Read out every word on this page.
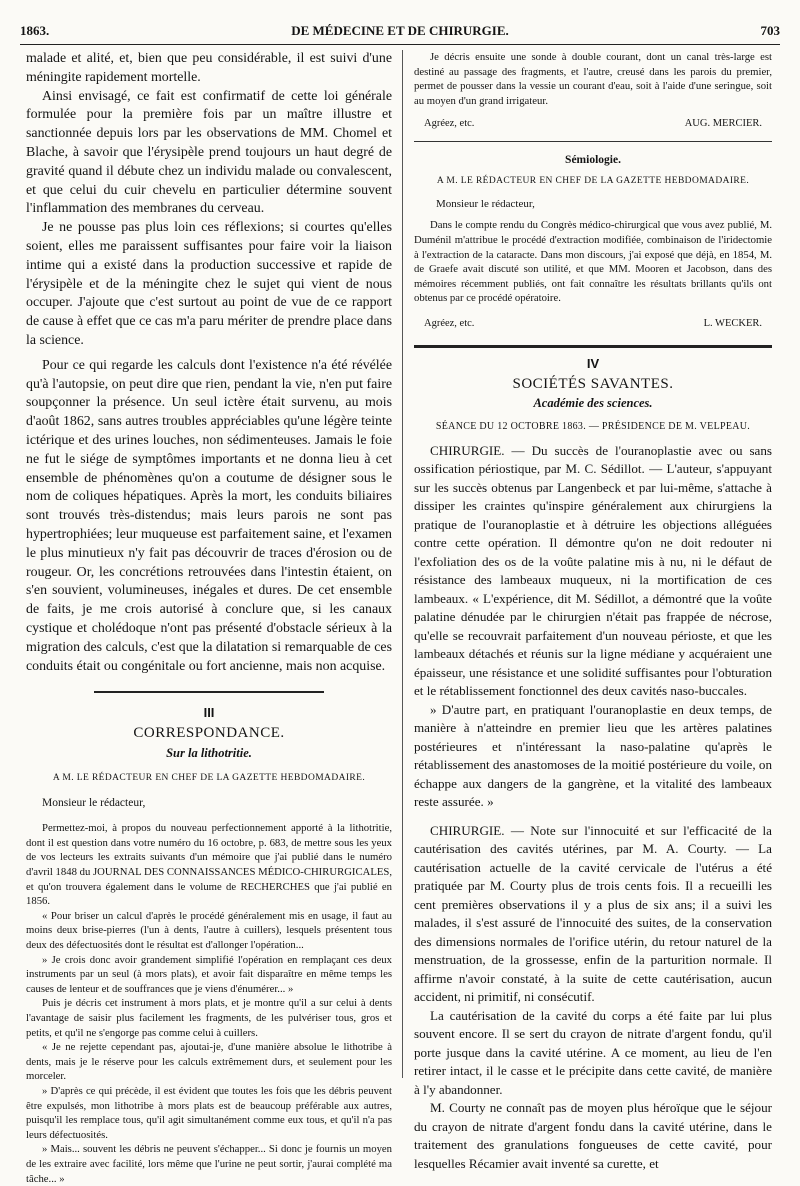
1863.	DE MÉDECINE ET DE CHIRURGIE.	703

malade et alité, et, bien que peu considérable, il est suivi d'une méningite rapidement mortelle.

Ainsi envisagé, ce fait est confirmatif de cette loi générale formulée pour la première fois par un maître illustre et sanctionnée depuis lors par les observations de MM. Chomel et Blache, à savoir que l'érysipèle prend toujours un haut degré de gravité quand il débute chez un individu malade ou convalescent, et que celui du cuir chevelu en particulier détermine souvent l'inflammation des membranes du cerveau.

Je ne pousse pas plus loin ces réflexions; si courtes qu'elles soient, elles me paraissent suffisantes pour faire voir la liaison intime qui a existé dans la production successive et rapide de l'érysipèle et de la méningite chez le sujet qui vient de nous occuper. J'ajoute que c'est surtout au point de vue de ce rapport de cause à effet que ce cas m'a paru mériter de prendre place dans la science.

Pour ce qui regarde les calculs dont l'existence n'a été révélée qu'à l'autopsie, on peut dire que rien, pendant la vie, n'en put faire soupçonner la présence. Un seul ictère était survenu, au mois d'août 1862, sans autres troubles appréciables qu'une légère teinte ictérique et des urines louches, non sédimenteuses. Jamais le foie ne fut le siége de symptômes importants et ne donna lieu à cet ensemble de phénomènes qu'on a coutume de désigner sous le nom de coliques hépatiques. Après la mort, les conduits biliaires sont trouvés très-distendus; mais leurs parois ne sont pas hypertrophiées; leur muqueuse est parfaitement saine, et l'examen le plus minutieux n'y fait pas découvrir de traces d'érosion ou de rougeur. Or, les concrétions retrouvées dans l'intestin étaient, on s'en souvient, volumineuses, inégales et dures. De cet ensemble de faits, je me crois autorisé à conclure que, si les canaux cystique et cholédoque n'ont pas présenté d'obstacle sérieux à la migration des calculs, c'est que la dilatation si remarquable de ces conduits était ou congénitale ou fort ancienne, mais non acquise.

III
CORRESPONDANCE.
Sur la lithotritie.
A M. LE RÉDACTEUR EN CHEF DE LA GAZETTE HEBDOMADAIRE.
Monsieur le rédacteur,

Permettez-moi, à propos du nouveau perfectionnement apporté à la lithotritie, dont il est question dans votre numéro du 16 octobre, p. 683, de mettre sous les yeux de vos lecteurs les extraits suivants d'un mémoire que j'ai publié dans le numéro d'avril 1848 du JOURNAL DES CONNAISSANCES MÉDICO-CHIRURGICALES, et qu'on trouvera également dans le volume de RECHERCHES que j'ai publié en 1856.

« Pour briser un calcul d'après le procédé généralement mis en usage, il faut au moins deux brise-pierres (l'un à dents, l'autre à cuillers), lesquels présentent tous deux des défectuosités dont le résultat est d'allonger l'opération...

» Je crois donc avoir grandement simplifié l'opération en remplaçant ces deux instruments par un seul (à mors plats), et avoir fait disparaître en même temps les causes de lenteur et de souffrances que je viens d'énumérer... »

Puis je décris cet instrument à mors plats, et je montre qu'il a sur celui à dents l'avantage de saisir plus facilement les fragments, de les pulvériser tous, gros et petits, et qu'il ne s'engorge pas comme celui à cuillers.

« Je ne rejette cependant pas, ajoutai-je, d'une manière absolue le lithotribe à dents, mais je le réserve pour les calculs extrêmement durs, et seulement pour les morceler.

» D'après ce qui précède, il est évident que toutes les fois que les débris peuvent être expulsés, mon lithotribe à mors plats est de beaucoup préférable aux autres, puisqu'il les remplace tous, qu'il agit simultanément comme eux tous, et qu'il n'a pas leurs défectuosités.

» Mais... souvent les débris ne peuvent s'échapper... Si donc je fournis un moyen de les extraire avec facilité, lors même que l'urine ne peut sortir, j'aurai complété ma tâche... »

Je décris ensuite une sonde à double courant, dont un canal très-large est destiné au passage des fragments, et l'autre, creusé dans les parois du premier, permet de pousser dans la vessie un courant d'eau, soit à l'aide d'une seringue, soit au moyen d'un grand irrigateur.

Agréez, etc.	AUG. MERCIER.
Sémiologie.
A M. LE RÉDACTEUR EN CHEF DE LA GAZETTE HEBDOMADAIRE.
Monsieur le rédacteur,

Dans le compte rendu du Congrès médico-chirurgical que vous avez publié, M. Duménil m'attribue le procédé d'extraction modifiée, combinaison de l'iridectomie à l'extraction de la cataracte. Dans mon discours, j'ai exposé que déjà, en 1854, M. de Graefe avait discuté son utilité, et que MM. Mooren et Jacobson, dans des mémoires récemment publiés, ont fait connaître les résultats brillants qu'ils ont obtenus par ce procédé opératoire.

Agréez, etc.	L. WECKER.
IV
SOCIÉTÉS SAVANTES.
Académie des sciences.
SÉANCE DU 12 OCTOBRE 1863. — PRÉSIDENCE DE M. VELPEAU.

CHIRURGIE. — Du succès de l'ouranoplastie avec ou sans ossification périostique, par M. C. Sédillot. — L'auteur, s'appuyant sur les succès obtenus par Langenbeck et par lui-même, s'attache à dissiper les craintes qu'inspire généralement aux chirurgiens la pratique de l'ouranoplastie et à détruire les objections alléguées contre cette opération. Il démontre qu'on ne doit redouter ni l'exfoliation des os de la voûte palatine mis à nu, ni le défaut de résistance des lambeaux muqueux, ni la mortification de ces lambeaux. « L'expérience, dit M. Sédillot, a démontré que la voûte palatine dénudée par le chirurgien n'était pas frappée de nécrose, qu'elle se recouvrait parfaitement d'un nouveau périoste, et que les lambeaux détachés et réunis sur la ligne médiane y acquéraient une épaisseur, une résistance et une solidité suffisantes pour l'obturation et le rétablissement fonctionnel des deux cavités naso-buccales.

» D'autre part, en pratiquant l'ouranoplastie en deux temps, de manière à n'atteindre en premier lieu que les artères palatines postérieures et n'intéressant la naso-palatine qu'après le rétablissement des anastomoses de la moitié postérieure du voile, on échappe aux dangers de la gangrène, et la vitalité des lambeaux reste assurée. »

CHIRURGIE. — Note sur l'innocuité et sur l'efficacité de la cautérisation des cavités utérines, par M. A. Courty. — La cautérisation actuelle de la cavité cervicale de l'utérus a été pratiquée par M. Courty plus de trois cents fois. Il a recueilli les cent premières observations il y a plus de six ans; il a suivi les malades, il s'est assuré de l'innocuité des suites, de la conservation des dimensions normales de l'orifice utérin, du retour naturel de la menstruation, de la grossesse, enfin de la parturition normale. Il affirme n'avoir constaté, à la suite de cette cautérisation, aucun accident, ni primitif, ni consécutif.

La cautérisation de la cavité du corps a été faite par lui plus souvent encore. Il se sert du crayon de nitrate d'argent fondu, qu'il porte jusque dans la cavité utérine. A ce moment, au lieu de l'en retirer intact, il le casse et le précipite dans cette cavité, de manière à l'y abandonner.

M. Courty ne connaît pas de moyen plus héroïque que le séjour du crayon de nitrate d'argent fondu dans la cavité utérine, dans le traitement des granulations fongueuses de cette cavité, pour lesquelles Récamier avait inventé sa curette, et
